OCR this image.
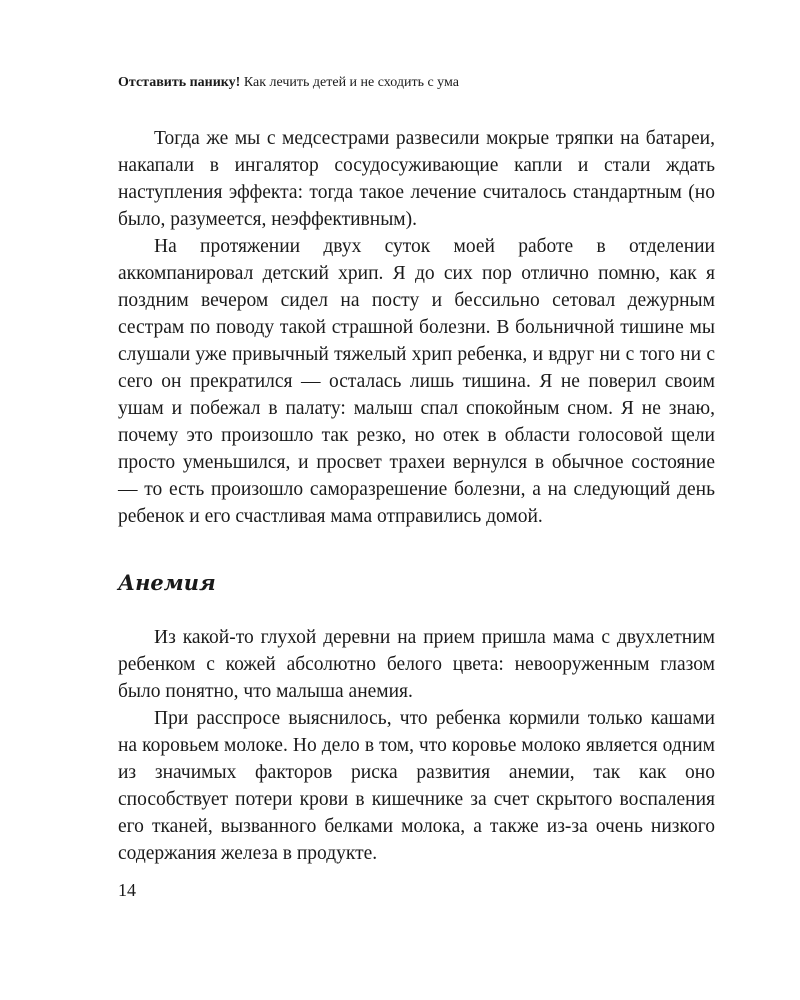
Отставить панику! Как лечить детей и не сходить с ума

Тогда же мы с медсестрами развесили мокрые тряпки на батареи, накапали в ингалятор сосудосуживающие капли и стали ждать наступления эффекта: тогда такое лечение считалось стандартным (но было, разумеется, неэффективным).

На протяжении двух суток моей работе в отделении аккомпанировал детский хрип. Я до сих пор отлично помню, как я поздним вечером сидел на посту и бессильно сетовал дежурным сестрам по поводу такой страшной болезни. В больничной тишине мы слушали уже привычный тяжелый хрип ребенка, и вдруг ни с того ни с сего он прекратился — осталась лишь тишина. Я не поверил своим ушам и побежал в палату: малыш спал спокойным сном. Я не знаю, почему это произошло так резко, но отек в области голосовой щели просто уменьшился, и просвет трахеи вернулся в обычное состояние — то есть произошло саморазрешение болезни, а на следующий день ребенок и его счастливая мама отправились домой.

Анемия

Из какой-то глухой деревни на прием пришла мама с двухлетним ребенком с кожей абсолютно белого цвета: невооруженным глазом было понятно, что малыша анемия.

При расспросе выяснилось, что ребенка кормили только кашами на коровьем молоке. Но дело в том, что коровье молоко является одним из значимых факторов риска развития анемии, так как оно способствует потери крови в кишечнике за счет скрытого воспаления его тканей, вызванного белками молока, а также из-за очень низкого содержания железа в продукте.

14
